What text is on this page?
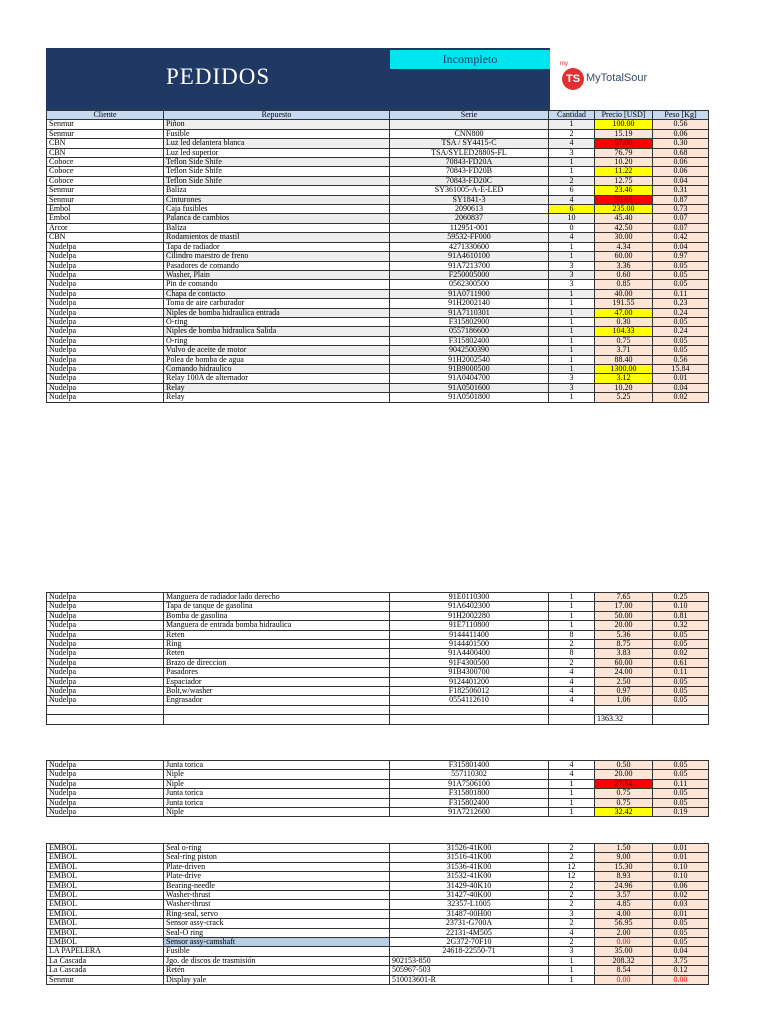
PEDIDOS
Incompleto	my
TS MyTotalSour
Cliente	Repuesto	Serie	Cantidad	Precio [USD]	Peso [Kg]
Senmur	Piñon		1	100.00	0.56
Senmur	Fusible	CNN800	2	15.19	0.06
CBN	Luz led delantera blanca	TSA / SY4415-C	4	57.00	0.30
CBN	Luz led superior	TSA/SYLED2880S-FL	3	76.79	0.68
Coboce	Teflon Side Shife	70843-FD20A	1	10.20	0.06
Coboce	Teflon Side Shife	70843-FD20B	1	11.22	0.06
Coboce	Teflon Side Shife	70843-FD20C	2	12.75	0.04
Senmur	Baliza	SY361005-A-E-LED	6	23.46	0.31
Senmur	Cinturones	SY1841-3	4	30.66	0.87
Embol	Caja fusibles	2090613	6	235.00	0.73
Embol	Palanca de cambios	2060837	10	45.40	0.07
Arcor	Baliza	112951-001	0	42.50	0.07
CBN	Rodamientos de mastil	59532-FF000	4	30.00	0.42
Nudelpa	Tapa de radiador	4271330600	1	4.34	0.04
Nudelpa	Cilindro maestro de freno	91A4610100	1	60.00	0.97
Nudelpa	Pasadores de comando	91A7213700	3	3.36	0.05
Nudelpa	Washer, Plain	F250005000	3	0.60	0.05
Nudelpa	Pin de comando	0562300500	3	0.85	0.05
Nudelpa	Chapa de contacto	91A0711900	1	40.00	0.11
Nudelpa	Toma de aire carburador	91H2002140	1	191.55	0.23
Nudelpa	Niples de bomba hidraulica entrada	91A7110301	1	47.00	0.24
Nudelpa	O-ring	F315802900	1	0.30	0.05
Nudelpa	Niples de bomba hidraulica Salida	0557186600	1	104.33	0.24
Nudelpa	O-ring	F315802400	1	0.75	0.05
Nudelpa	Vulvo de aceite de motor	9042500390	1	3.71	0.05
Nudelpa	Polea de bomba de agua	91H2002540	1	88.40	0.56
Nudelpa	Comando hidraulico	91B9000500	1	1300.00	15.84
Nudelpa	Relay 100A de alternador	91A0404700	3	3.12	0.01
Nudelpa	Relay	91A0501600	3	10.20	0.04
Nudelpa	Relay	91A0501800	1	5.25	0.02
Nudelpa	Manguera de radiador lado derecho	91E0110300	1	7.65	0.25
Nudelpa	Tapa de tanque de gasolina	91A6402300	1	17.00	0.10
Nudelpa	Bomba de gasolina	91H2002280	1	50.00	0.81
Nudelpa	Manguera de entrada bomba hidraulica	91E7110800	1	20.00	0.32
Nudelpa	Reten	9144411400	8	5.36	0.05
Nudelpa	Ring	9144401500	2	8.75	0.05
Nudelpa	Reten	91A4400400	8	3.83	0.02
Nudelpa	Brazo de direccion	91F4300500	2	60.00	0.61
Nudelpa	Pasadores	91B4300700	4	24.00	0.11
Nudelpa	Espaciador	9124401200	4	2.50	0.05
Nudelpa	Bolt,w/washer	F182506012	4	0.97	0.05
Nudelpa	Engrasador	0554112610	4	1.06	0.05

				1363.32	
Nudelpa	Junta torica	F315801400	4	0.50	0.05
Nudelpa	Niple	557110302	4	20.00	0.05
Nudelpa	Niple	91A7506100	1	27.54	0.11
Nudelpa	Junta torica	F315801800	1	0.75	0.05
Nudelpa	Junta torica	F315802400	1	0.75	0.05
Nudelpa	Niple	91A7212600	1	32.42	0.19
EMBOL	Seal o-ring	31526-41K00	2	1.50	0.01
EMBOL	Seal-ring piston	31516-41K00	2	9.00	0.01
EMBOL	Plate-driven	31536-41K00	12	15.30	0.10
EMBOL	Plate-drive	31532-41K00	12	8.93	0.10
EMBOL	Bearing-needle	31429-40K10	2	24.96	0.06
EMBOL	Washer-thrust	31427-40K00	2	3.57	0.02
EMBOL	Washer-thrust	32357-L1005	2	4.85	0.03
EMBOL	Ring-seal, servo	31487-00H00	3	4.00	0.01
EMBOL	Sensor assy-crack	23731-G700A	2	56.95	0.05
EMBOL	Seal-O ring	22131-4M505	4	2.00	0.05
EMBOL	Sensor assy-camshaft	2G372-70F10	2	0.00	0.05
LA PAPELERA	Fusible	24618-22550-71	3	35.00	0.04
La Cascada	Jgo. de discos de trasmisión	902153-850	1	208.32	3.75
La Cascada	Retén	505967-503	1	8.54	0.12
Senmur	Display yale	510013601-R	1	0.00	0.00
